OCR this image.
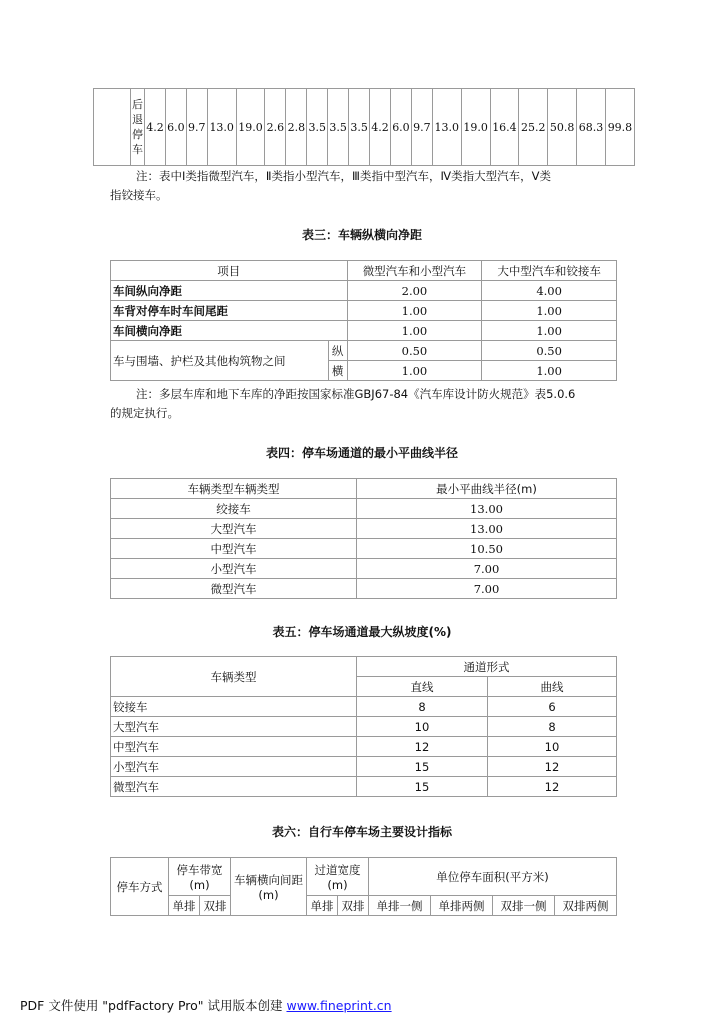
	后
退
停
车	4.2	6.0	9.7	13.0	19.0	2.6	2.8	3.5	3.5	3.5	4.2	6.0	9.7	13.0	19.0	16.4	25.2	50.8	68.3	99.8
注：表中Ⅰ类指微型汽车，Ⅱ类指小型汽车，Ⅲ类指中型汽车，Ⅳ类指大型汽车，Ⅴ类
指铰接车。
表三：车辆纵横向净距
项目		微型汽车和小型汽车	大中型汽车和铰接车
车间纵向净距		2.00	4.00
车背对停车时车间尾距		1.00	1.00
车间横向净距		1.00	1.00
车与围墙、护栏及其他构筑物之间	纵	0.50	0.50
	横	1.00	1.00
注：多层车库和地下车库的净距按国家标准GBJ67-84《汽车库设计防火规范》表5.0.6
的规定执行。
表四：停车场通道的最小平曲线半径
车辆类型车辆类型	最小平曲线半径(m)
绞接车	13.00
大型汽车	13.00
中型汽车	10.50
小型汽车	7.00
微型汽车	7.00
表五：停车场通道最大纵坡度(%)
车辆类型	通道形式	
	直线	曲线
铰接车	8	6
大型汽车	10	8
中型汽车	12	10
小型汽车	15	12
微型汽车	15	12
表六：自行车停车场主要设计指标
停车方式	停车带宽(m)		车辆横向间距(m)	过道宽度(m)		单位停车面积(平方米)			
	单排	双排		单排	双排	单排一侧	单排两侧	双排一侧	双排两侧
PDF 文件使用 "pdfFactory Pro" 试用版本创建 www.fineprint.cn
